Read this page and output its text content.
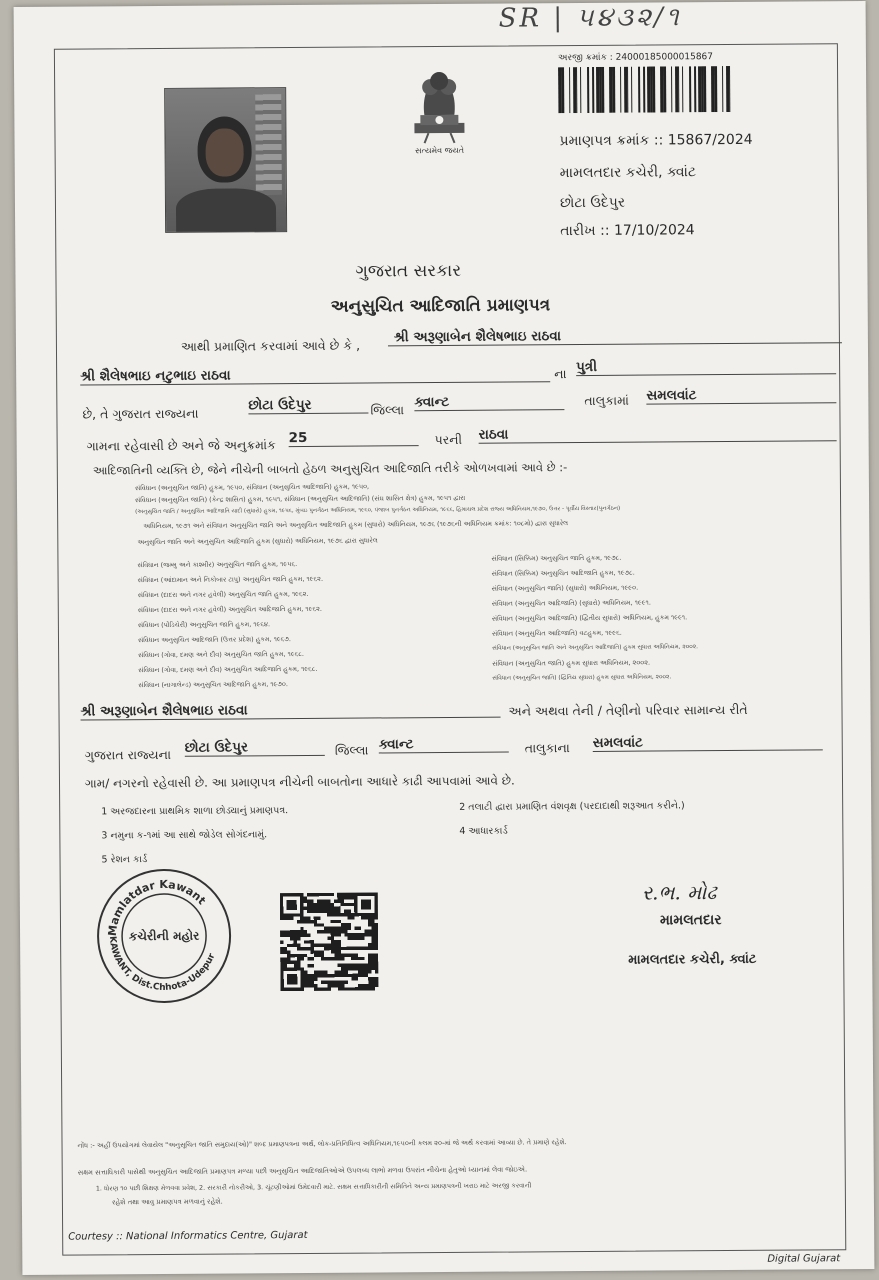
SR | ૫૪૩૨/૧
સત્યમેવ જયતે
અરજી ક્રમાંક : 24000185000015867
પ્રમાણપત્ર ક્રમાંક :: 15867/2024
મામલતદાર કચેરી, ક્વાંટ
છોટા ઉદેપુર
તારીખ :: 17/10/2024
ગુજરાત સરકાર
અનુસુચિત આદિજાતિ પ્રમાણપત્ર
આથી પ્રમાણિત કરવામાં આવે છે કે ,
શ્રી અરૂણાબેન શૈલેષભાઇ રાઠવા
શ્રી શૈલેષભાઇ નટુભાઇ રાઠવા	ના પુત્રી
છે, તે ગુજરાત રાજ્યના
છોટા ઉદેપુર	જિલ્લા ક્વાન્ટ	તાલુકામાં સમલવાંટ
ગામના રહેવાસી છે અને જે અનુક્રમાંક 25	પરની રાઠવા
આદિજાતિની વ્યક્તિ છે, જેને નીચેની બાબતો હેઠળ અનુસુચિત આદિજાતિ તરીકે ઓળખવામાં આવે છે :-
સંવિધાન (અનુસુચિત જાતિ) હુકમ, ૧૯૫૦, સંવિધાન (અનુસુચિત આદિજાતિ) હુકમ, ૧૯૫૦,
સંવિધાન (અનુસુચિત જાતિ) (કેન્દ્ર શાસિત) હુકમ, ૧૯૫૧, સંવિધાન (અનુસુચિત આદિજાતિ) (સંઘ શાસિત ક્ષેત્ર) હુકમ, ૧૯૫૧ દ્વારા
(અનુસુચિત જાતિ / અનુસુચિત આદિજાતિ યાદી (સુધારો) હુકમ, ૧૯૫૬, મુંબઇ પુનર્ગઠન અધિનિયમ, ૧૯૬૦, પંજાબ પુનર્ગઠન અધિનિયમ, ૧૯૬૬, હિમાચલ પ્રદેશ રાજ્ય અધિનિયમ,૧૯૭૦, ઉત્તર - પૂર્વીય વિસ્તાર(પુનર્ગઠન)
અધિનિયમ, ૧૯૭૧ અને સંવિધાન અનુસુચિત જાતિ અને અનુસુચિત આદિજાતિ હુકમ (સુધારો) અધિનિયમ, ૧૯૭૬ (૧૯૭૬ની અધિનિયમ ક્રમાંક: ૧૦૮મો) દ્વારા સુધારેલ
અનુસુચિત જાતિ અને અનુસુચિત આદિજાતિ હુકમ (સુધારો) અધિનિયમ, ૧૯૭૬ દ્વારા સુધારેલ
સંવિધાન (જમ્મુ અને કાશ્મીર) અનુસુચિત જાતિ હુકમ, ૧૯૫૬.
સંવિધાન (આંદામાન અને નિકોબાર ટાપુ) અનુસુચિત જાતિ હુકમ, ૧૯૬૨.
સંવિધાન (દાદરા અને નગર હવેલી) અનુસુચિત જાતિ હુકમ, ૧૯૬૨.
સંવિધાન (દાદરા અને નગર હવેલી) અનુસુચિત આદિજાતિ હુકમ, ૧૯૬૨.
સંવિધાન (પોંડિચેરી) અનુસુચિત જાતિ હુકમ, ૧૯૬૪.
સંવિધાન અનુસુચિત આદિજાતિ (ઉત્તર પ્રદેશ) હુકમ, ૧૯૬૭.
સંવિધાન (ગોવા, દમણ અને દીવ) અનુસુચિત જાતિ હુકમ, ૧૯૬૮.
સંવિધાન (ગોવા, દમણ અને દીવ) અનુસુચિત આદિજાતિ હુકમ, ૧૯૬૮.
સંવિધાન (નાગાલેન્ડ) અનુસુચિત આદિજાતિ હુકમ, ૧૯૭૦.
સંવિધાન (સિક્કિમ) અનુસુચિત જાતિ હુકમ, ૧૯૭૮.
સંવિધાન (સિક્કિમ) અનુસુચિત આદિજાતિ હુકમ, ૧૯૭૮.
સંવિધાન (અનુસુચિત જાતિ) (સુધારો) અધિનિયમ, ૧૯૯૦.
સંવિધાન (અનુસુચિત આદિજાતિ) (સુધારો) અધિનિયમ, ૧૯૯૧.
સંવિધાન (અનુસુચિત આદિજાતિ) (દ્વિતીય સુધારો) અધિનિયમ, હુકમ ૧૯૯૧.
સંવિધાન (અનુસુચિત આદિજાતિ) વટહુકમ, ૧૯૯૬.
સંવિધાન (અનુસુચિત જાતિ અને અનુસુચિત આદિજાતિ) હુકમ સુધારા અધિનિયમ, ૨૦૦૨.
સંવિધાન (અનુસુચિત જાતિ) હુકમ સુધારા અધિનિયમ, ૨૦૦૨.
સંવિધાન (અનુસુચિત જાતિ) (દ્વિતિય સુધારા) હુકમ સુધારા અધિનિયમ, ૨૦૦૨.
શ્રી અરૂણાબેન શૈલેષભાઇ રાઠવા	અને અથવા તેની / તેણીનો પરિવાર સામાન્ય રીતે
ગુજરાત રાજ્યના છોટા ઉદેપુર	જિલ્લા ક્વાન્ટ	તાલુકાના સમલવાંટ
ગામ/ નગરનો રહેવાસી છે. આ પ્રમાણપત્ર નીચેની બાબતોના આધારે કાઢી આપવામાં આવે છે.
1 અરજદારના પ્રાથમિક શાળા છોડ્યાનું પ્રમાણપત્ર.	2 તલાટી દ્વારા પ્રમાણિત વંશવૃક્ષ (પરદાદાથી શરૂઆત કરીને.)
3 નમુના ક-૧માં આ સાથે જોડેલ સોગંદનામું.	4 આધારકાર્ડ
5 રેશન કાર્ડ
Mamlatdar Kawant
KAWANT, Dist.Chhota-Udepur
કચેરીની મહોર
ર.ભ. મોઢ
મામલતદાર
મામલતદાર કચેરી, ક્વાંટ
નોંધ :- અહીં ઉપયોગમાં લેવાયેલ "અનુસૂચિત જાતિ સમુદાય(ઓ)" શબ્દ પ્રમાણપત્રના અર્થ, લોક-પ્રતિનિધિત્વ અધિનિયમ,૧૯૫૦ની કલમ ૨૦-માં જે અર્થ કરવામાં આવ્યા છે. તે પ્રમાણે રહેશે.
સક્ષમ સત્તાધિકારી પાસેથી અનુસુચિત આદિજાતિ પ્રમાણપત્ર મળ્યા પછી અનુસુચિત આદિજાતિઓએ ઉપલબ્ધ લાભો મળવા ઉપરાંત નીચેના હેતુઓ ધ્યાનમાં લેવા જોઇએ.
1. ધોરણ ૧૦ પછી શિક્ષણ મેળવવા પ્રવેશ, 2. સરકારી નોકરીઓ, 3. ચૂંટણીઓમાં ઉમેદવારી માટે. સક્ષમ સત્તાધિકારીની સમિતિને અન્ય પ્રમાણપત્રની ખરાઇ માટે અરજી કરવાની
રહેશે તથા આવુ પ્રમાણપત્ર મળવાનું રહેશે.
Courtesy :: National Informatics Centre, Gujarat
Digital Gujarat
